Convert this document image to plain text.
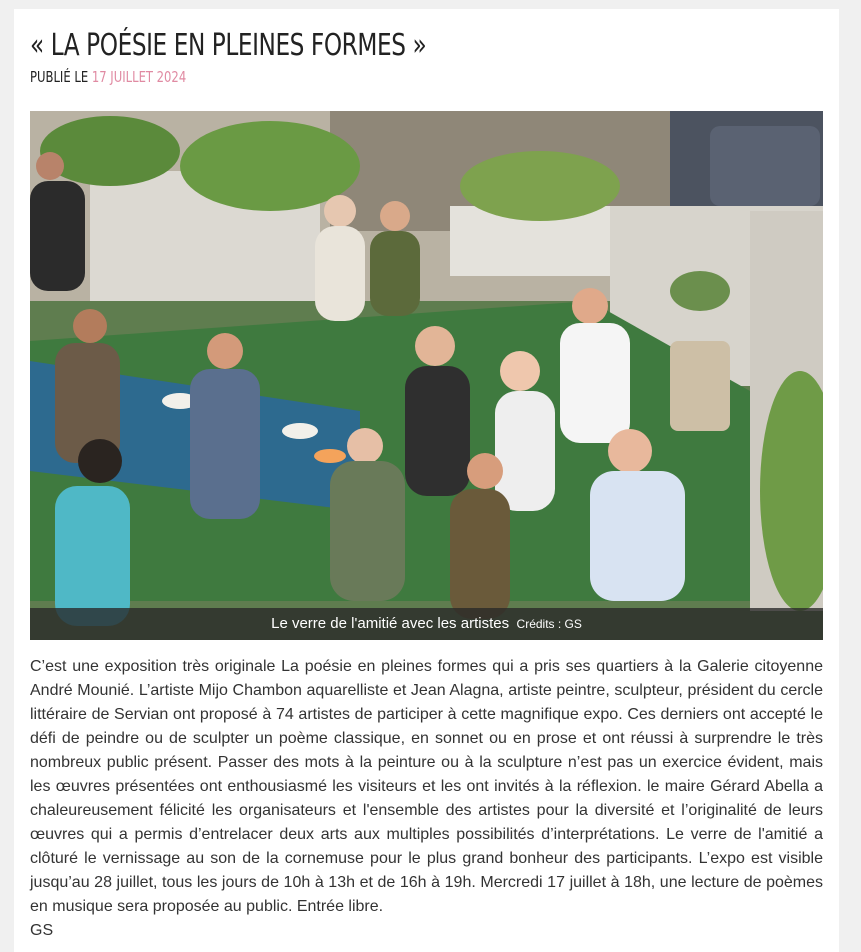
« LA POÉSIE EN PLEINES FORMES »
PUBLIÉ LE 17 JUILLET 2024
Le verre de l'amitié avec les artistes Crédits : GS

C’est une exposition très originale La poésie en pleines formes qui a pris ses quartiers à la Galerie citoyenne André Mounié. L’artiste Mijo Chambon aquarelliste et Jean Alagna, artiste peintre, sculpteur, président du cercle littéraire de Servian ont proposé à 74 artistes de participer à cette magnifique expo. Ces derniers ont accepté le défi de peindre ou de sculpter un poème classique, en sonnet ou en prose et ont réussi à surprendre le très nombreux public présent. Passer des mots à la peinture ou à la sculpture n’est pas un exercice évident, mais les œuvres présentées ont enthousiasmé les visiteurs et les ont invités à la réflexion. le maire Gérard Abella a chaleureusement félicité les organisateurs et l'ensemble des artistes pour la diversité et l’originalité de leurs œuvres qui a permis d’entrelacer deux arts aux multiples possibilités d’interprétations. Le verre de l'amitié a clôturé le vernissage au son de la cornemuse pour le plus grand bonheur des participants. L’expo est visible jusqu’au 28 juillet, tous les jours de 10h à 13h et de 16h à 19h. Mercredi 17 juillet à 18h, une lecture de poèmes en musique sera proposée au public. Entrée libre.

GS
